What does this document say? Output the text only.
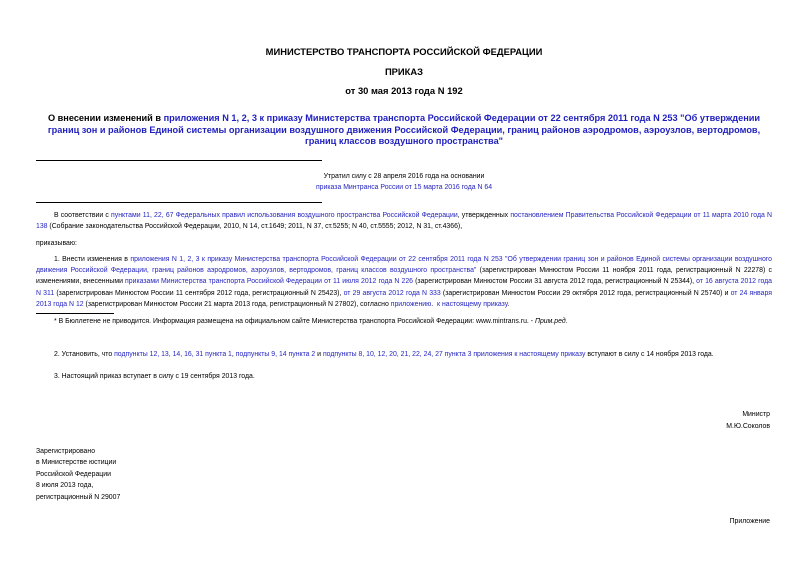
МИНИСТЕРСТВО ТРАНСПОРТА РОССИЙСКОЙ ФЕДЕРАЦИИ
ПРИКАЗ
от 30 мая 2013 года N 192
О внесении изменений в приложения N 1, 2, 3 к приказу Министерства транспорта Российской Федерации от 22 сентября 2011 года N 253 "Об утверждении границ зон и районов Единой системы организации воздушного движения Российской Федерации, границ районов аэродромов, аэроузлов, вертодромов, границ классов воздушного пространства"
Утратил силу с 28 апреля 2016 года на основании
приказа Минтранса России от 15 марта 2016 года N 64
В соответствии с пунктами 11, 22, 67 Федеральных правил использования воздушного пространства Российской Федерации, утвержденных постановлением Правительства Российской Федерации от 11 марта 2010 года N 138 (Собрание законодательства Российской Федерации, 2010, N 14, ст.1649; 2011, N 37, ст.5255; N 40, ст.5555; 2012, N 31, ст.4366),
приказываю:
1. Внести изменения в приложения N 1, 2, 3 к приказу Министерства транспорта Российской Федерации от 22 сентября 2011 года N 253 "Об утверждении границ зон и районов Единой системы организации воздушного движения Российской Федерации, границ районов аэродромов, аэроузлов, вертодромов, границ классов воздушного пространства" (зарегистрирован Минюстом России 11 ноября 2011 года, регистрационный N 22278) с изменениями, внесенными приказами Министерства транспорта Российской Федерации от 11 июля 2012 года N 226 (зарегистрирован Минюстом России 31 августа 2012 года, регистрационный N 25344), от 16 августа 2012 года N 311 (зарегистрирован Минюстом России 11 сентября 2012 года, регистрационный N 25423), от 29 августа 2012 года N 333 (зарегистрирован Минюстом России 29 октября 2012 года, регистрационный N 25740) и от 24 января 2013 года N 12 (зарегистрирован Минюстом России 21 марта 2013 года, регистрационный N 27802), согласно приложению. к настоящему приказу.
* В Бюллетене не приводится. Информация размещена на официальном сайте Министерства транспорта Российской Федерации: www.mintrans.ru. - Прим.ред.
2. Установить, что подпункты 12, 13, 14, 16, 31 пункта 1, подпункты 9, 14 пункта 2 и подпункты 8, 10, 12, 20, 21, 22, 24, 27 пункта 3 приложения к настоящему приказу вступают в силу с 14 ноября 2013 года.
3. Настоящий приказ вступает в силу с 19 сентября 2013 года.
Министр
М.Ю.Соколов
Зарегистрировано
в Министерстве юстиции
Российской Федерации
8 июля 2013 года,
регистрационный N 29007
Приложение
